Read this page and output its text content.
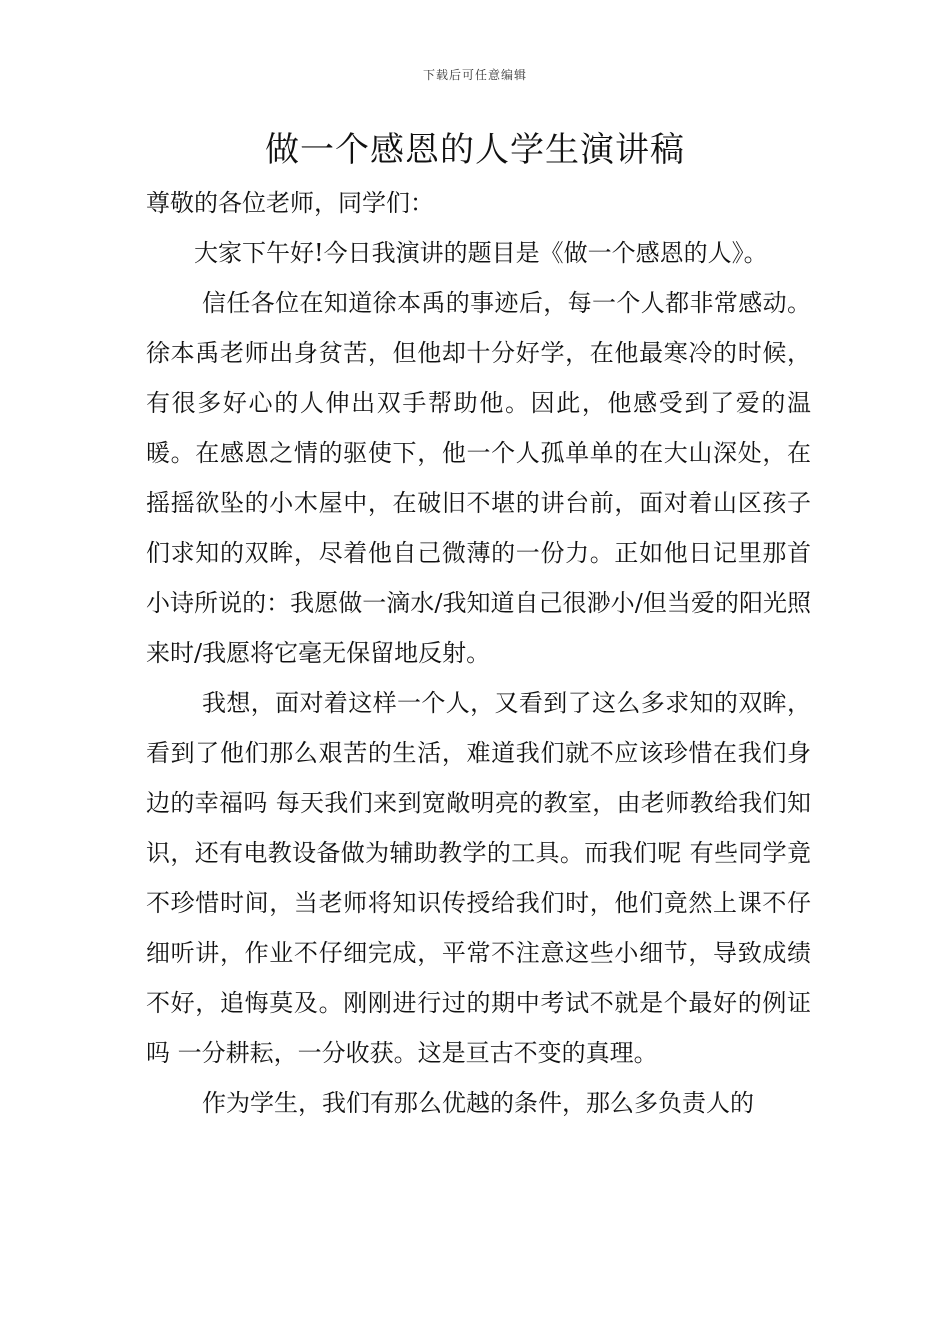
下载后可任意编辑
做一个感恩的人学生演讲稿

尊敬的各位老师，同学们：

大家下午好!今日我演讲的题目是《做一个感恩的人》。

信任各位在知道徐本禹的事迹后，每一个人都非常感动。徐本禹老师出身贫苦，但他却十分好学，在他最寒冷的时候，有很多好心的人伸出双手帮助他。因此，他感受到了爱的温暖。在感恩之情的驱使下，他一个人孤单单的在大山深处，在摇摇欲坠的小木屋中，在破旧不堪的讲台前，面对着山区孩子们求知的双眸，尽着他自己微薄的一份力。正如他日记里那首小诗所说的：我愿做一滴水/我知道自己很渺小/但当爱的阳光照来时/我愿将它毫无保留地反射。

我想，面对着这样一个人，又看到了这么多求知的双眸，看到了他们那么艰苦的生活，难道我们就不应该珍惜在我们身边的幸福吗 每天我们来到宽敞明亮的教室，由老师教给我们知识，还有电教设备做为辅助教学的工具。而我们呢 有些同学竟不珍惜时间，当老师将知识传授给我们时，他们竟然上课不仔细听讲，作业不仔细完成，平常不注意这些小细节，导致成绩不好，追悔莫及。刚刚进行过的期中考试不就是个最好的例证吗 一分耕耘，一分收获。这是亘古不变的真理。

作为学生，我们有那么优越的条件，那么多负责人的
